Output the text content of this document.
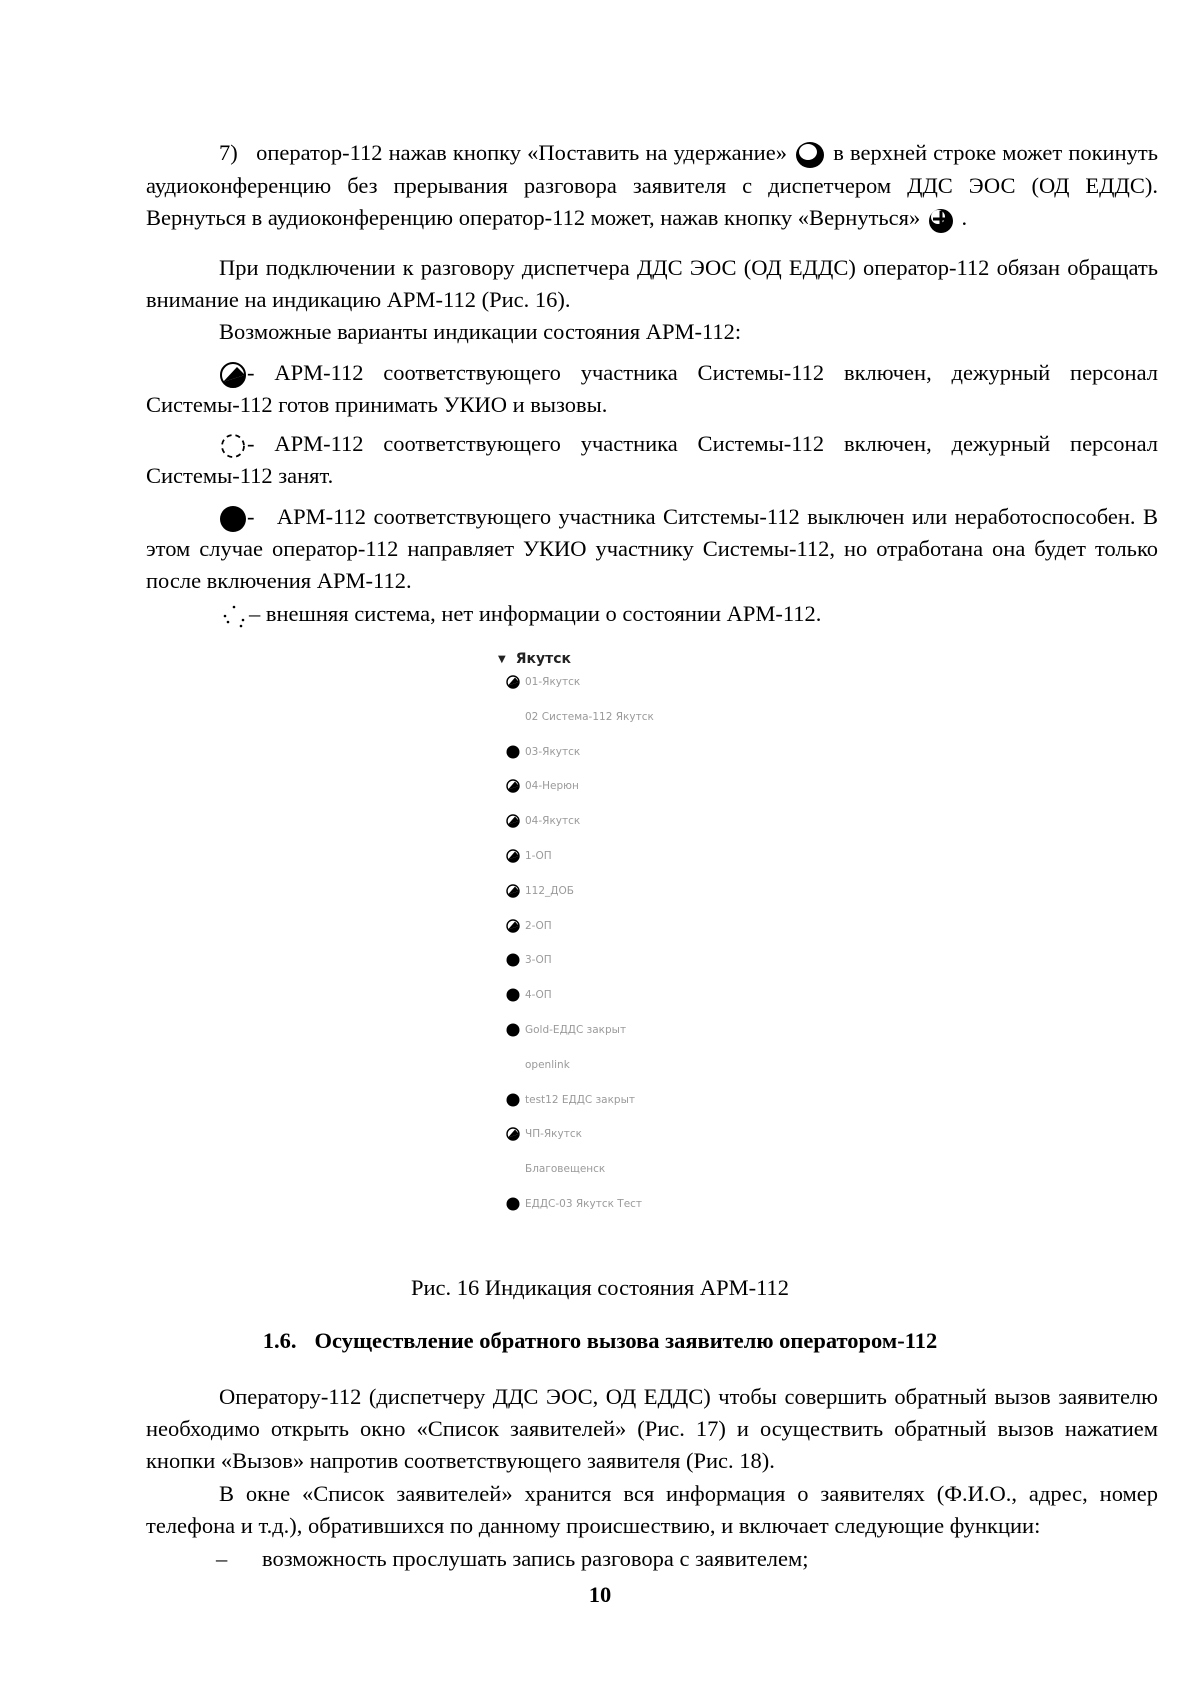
7)   оператор-112 нажав кнопку «Поставить на удержание»
в верхней строке может покинуть аудиоконференцию без прерывания разговора заявителя с диспетчером ДДС ЭОС (ОД ЕДДС). Вернуться в аудиоконференцию оператор-112 может, нажав кнопку «Вернуться»
.
При подключении к разговору диспетчера ДДС ЭОС (ОД ЕДДС) оператор-112 обязан обращать внимание на индикацию АРМ-112 (Рис. 16).
Возможные варианты индикации состояния АРМ-112:
- АРМ-112 соответствующего участника Системы-112 включен, дежурный персонал Системы-112 готов принимать УКИО и вызовы.
- АРМ-112 соответствующего участника Системы-112 включен, дежурный персонал Системы-112 занят.
-   АРМ-112 соответствующего участника Ситстемы-112 выключен или неработоспособен. В этом случае оператор-112 направляет УКИО участнику Системы-112, но отработана она будет только после включения АРМ-112.
– внешняя система, нет информации о состоянии АРМ-112.
▼ Якутск
01-Якутск
02 Система-112 Якутск
03-Якутск
04-Нерюн
04-Якутск
1-ОП
112_ДОБ
2-ОП
3-ОП
4-ОП
Gold-ЕДДС закрыт
openlink
test12 ЕДДС закрыт
ЧП-Якутск
Благовещенск
ЕДДС-03 Якутск Тест
Рис. 16 Индикация состояния АРМ-112
1.6. Осуществление обратного вызова заявителю оператором-112
Оператору-112 (диспетчеру ДДС ЭОС, ОД ЕДДС) чтобы совершить обратный вызов заявителю необходимо открыть окно «Список заявителей» (Рис. 17) и осуществить обратный вызов нажатием кнопки «Вызов» напротив соответствующего заявителя (Рис. 18).
В окне «Список заявителей» хранится вся информация о заявителях (Ф.И.О., адрес, номер телефона и т.д.), обратившихся по данному происшествию, и включает следующие функции:
– возможность прослушать запись разговора с заявителем;
10
